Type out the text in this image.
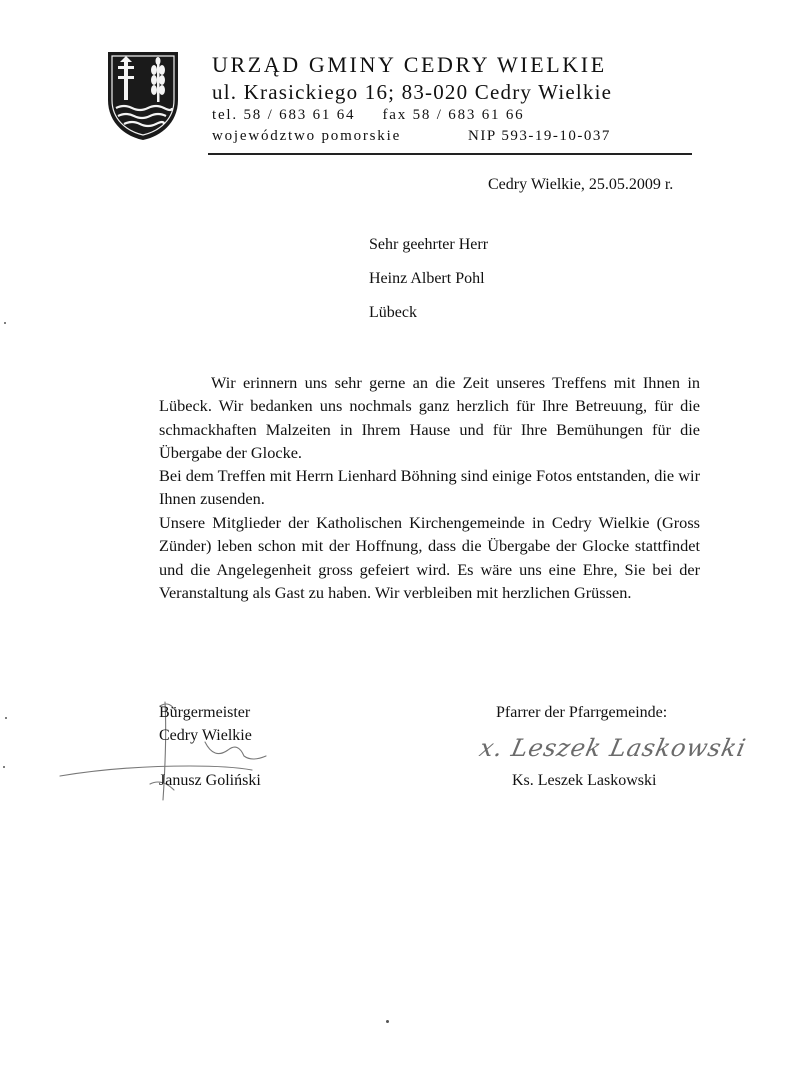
URZĄD GMINY CEDRY WIELKIE
ul. Krasickiego 16; 83-020 Cedry Wielkie
tel. 58 / 683 61 64 fax 58 / 683 61 66
województwo pomorskie	NIP 593-19-10-037
Cedry Wielkie, 25.05.2009 r.
Sehr geehrter Herr
Heinz Albert Pohl
Lübeck

Wir erinnern uns sehr gerne an die Zeit unseres Treffens mit Ihnen in Lübeck. Wir bedanken uns nochmals ganz herzlich für Ihre Betreuung, für die schmackhaften Malzeiten in Ihrem Hause und für Ihre Bemühungen für die Übergabe der Glocke.

Bei dem Treffen mit Herrn Lienhard Böhning sind einige Fotos entstanden, die wir Ihnen zusenden.

Unsere Mitglieder der Katholischen Kirchengemeinde in Cedry Wielkie (Gross Zünder) leben schon mit der Hoffnung, dass die Übergabe der Glocke stattfindet und die Angelegenheit gross gefeiert wird. Es wäre uns eine Ehre, Sie bei der Veranstaltung als Gast zu haben. Wir verbleiben mit herzlichen Grüssen.

x. Leszek Laskowski
Bürgermeister
Cedry Wielkie
Janusz Goliński
Pfarrer der Pfarrgemeinde:
Ks. Leszek Laskowski
